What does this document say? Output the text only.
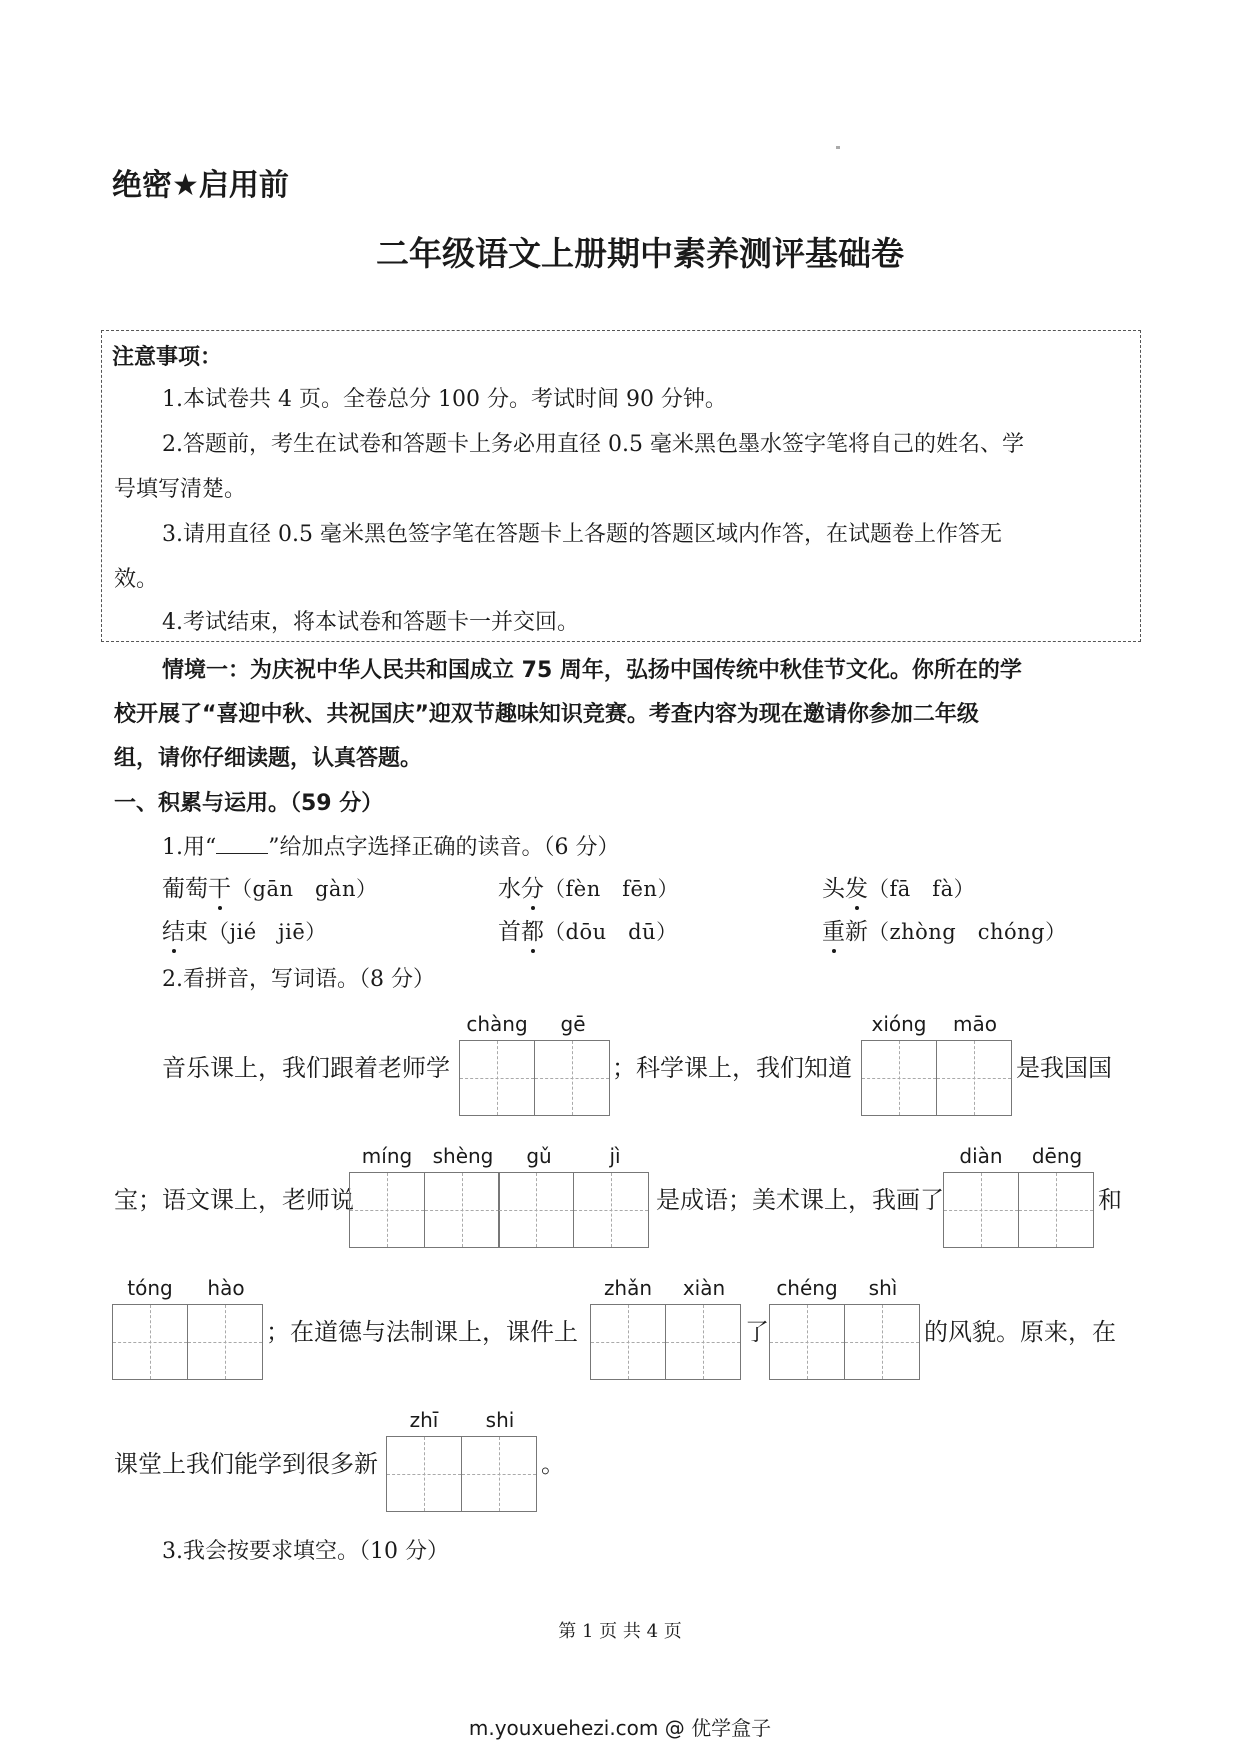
绝密★启用前
二年级语文上册期中素养测评基础卷
注意事项：
1.本试卷共 4 页。全卷总分 100 分。考试时间 90 分钟。
2.答题前，考生在试卷和答题卡上务必用直径 0.5 毫米黑色墨水签字笔将自己的姓名、学
号填写清楚。
3.请用直径 0.5 毫米黑色签字笔在答题卡上各题的答题区域内作答，在试题卷上作答无
效。
4.考试结束，将本试卷和答题卡一并交回。
情境一：为庆祝中华人民共和国成立 75 周年，弘扬中国传统中秋佳节文化。你所在的学
校开展了“喜迎中秋、共祝国庆”迎双节趣味知识竞赛。考查内容为现在邀请你参加二年级
组，请你仔细读题，认真答题。
一、积累与运用。（59 分）
1.用“ ”给加点字选择正确的读音。（6 分）
葡萄干（gān　gàn）	水分（fèn　fēn）	头发（fā　fà）
结束（jié　jiē）	首都（dōu　dū）	重新（zhòng　chóng）
2.看拼音，写词语。（8 分）
音乐课上，我们跟着老师学
chàng	gē
；科学课上，我们知道
xióng	māo
是我国国
宝；语文课上，老师说
míng	shèng	gǔ	jì
是成语；美术课上，我画了
diàn	dēng
和
tóng	hào
；在道德与法制课上，课件上
zhǎn	xiàn
了
chéng	shì
的风貌。原来，在
课堂上我们能学到很多新
zhī	shi
。
3.我会按要求填空。（10 分）
第 1 页 共 4 页
m.youxuehezi.com @ 优学盒子
